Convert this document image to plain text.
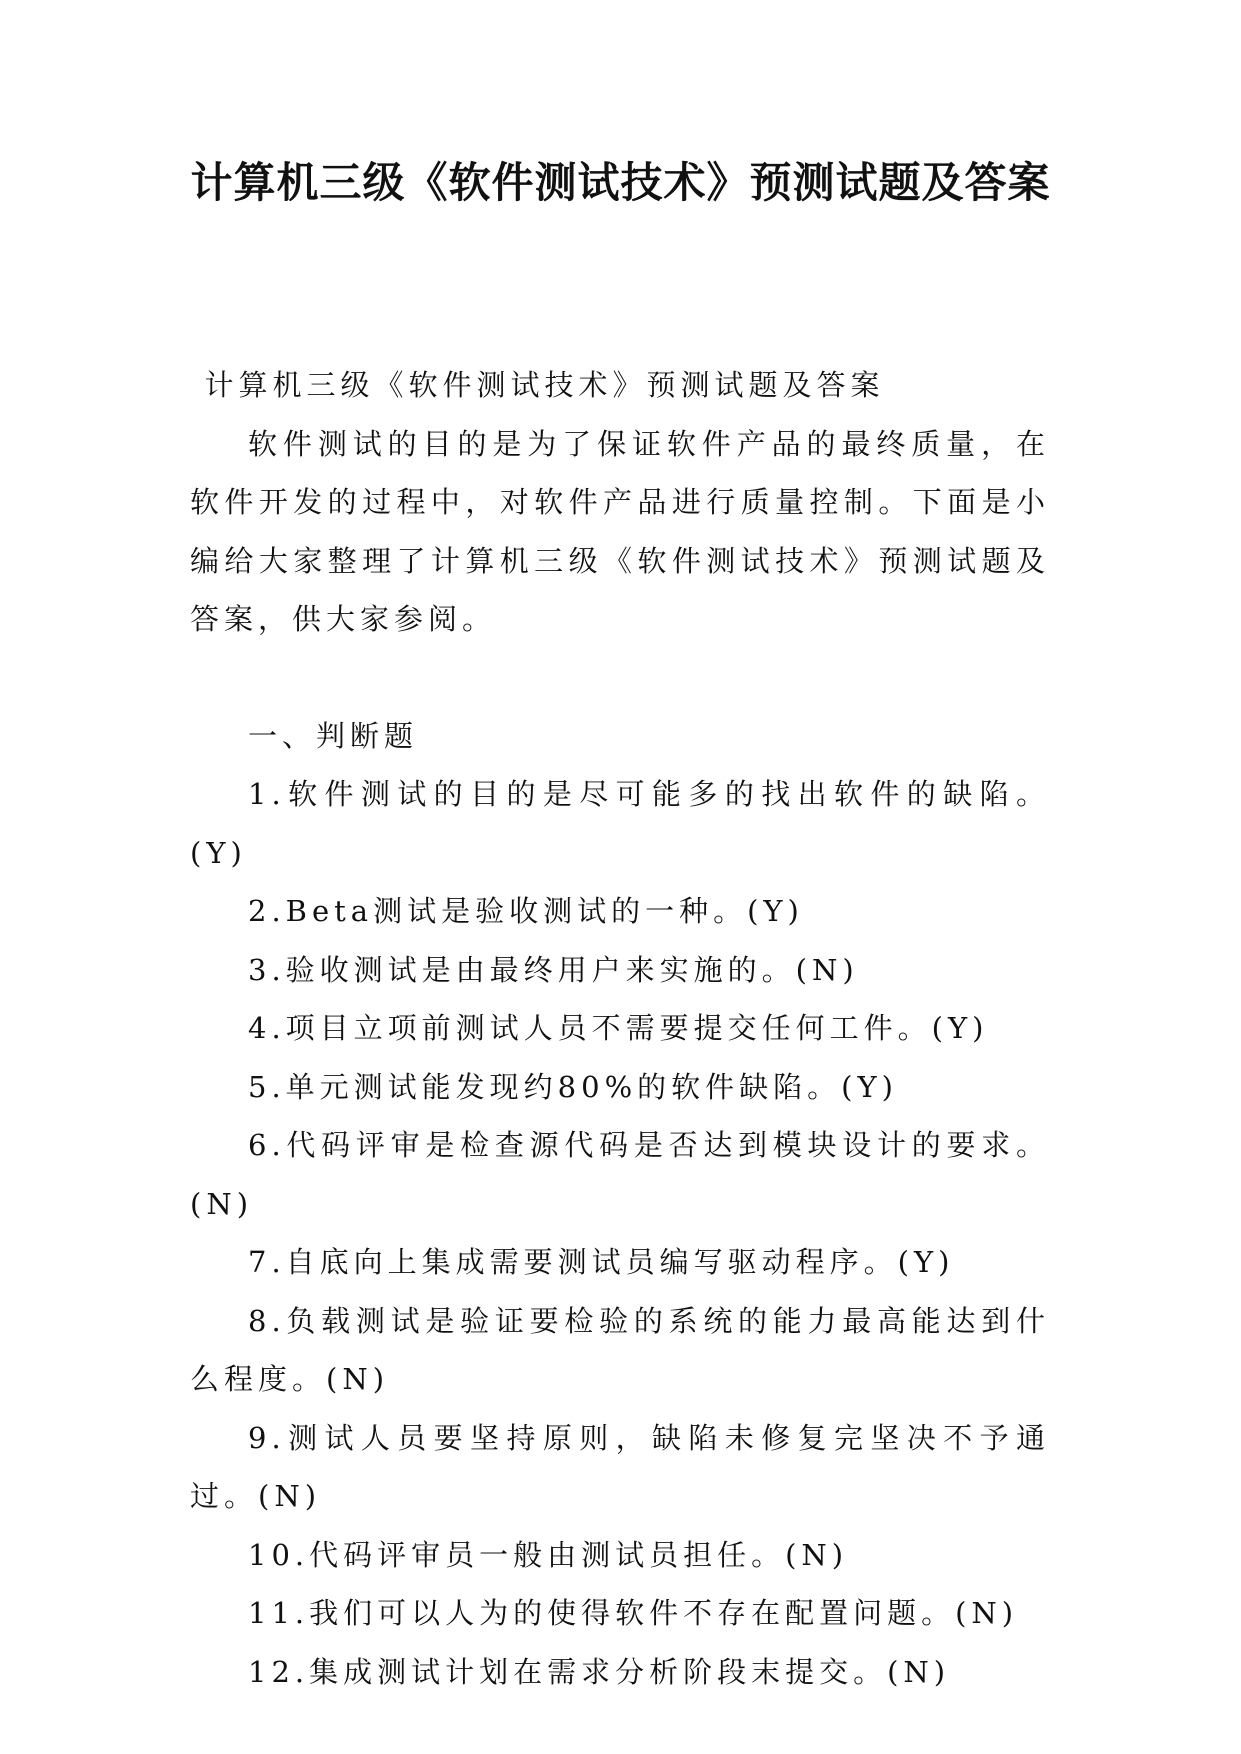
计算机三级《软件测试技术》预测试题及答案

计算机三级《软件测试技术》预测试题及答案

软件测试的目的是为了保证软件产品的最终质量，在软件开发的过程中，对软件产品进行质量控制。下面是小编给大家整理了计算机三级《软件测试技术》预测试题及答案，供大家参阅。

一、判断题

1.软件测试的目的是尽可能多的找出软件的缺陷。(Y)

2.Beta测试是验收测试的一种。(Y)

3.验收测试是由最终用户来实施的。(N)

4.项目立项前测试人员不需要提交任何工件。(Y)

5.单元测试能发现约80%的软件缺陷。(Y)

6.代码评审是检查源代码是否达到模块设计的要求。(N)

7.自底向上集成需要测试员编写驱动程序。(Y)

8.负载测试是验证要检验的系统的能力最高能达到什么程度。(N)

9.测试人员要坚持原则，缺陷未修复完坚决不予通过。(N)

10.代码评审员一般由测试员担任。(N)

11.我们可以人为的使得软件不存在配置问题。(N)

12.集成测试计划在需求分析阶段末提交。(N)
